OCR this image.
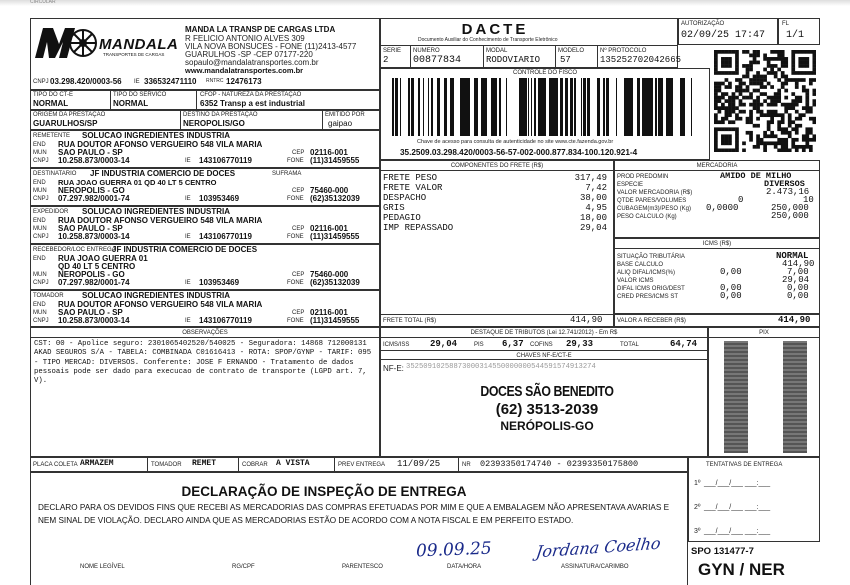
CIRCULAR
MANDALA
TRANSPORTES DE CARGAS
MANDA LA TRANSP DE CARGAS LTDA
R FELICIO ANTONIO ALVES 309
VILA NOVA BONSUCES - FONE (11)2413-4577
GUARULHOS -SP -CEP 07177-220
sopaulo@mandalatransportes.com.br
www.mandalatransportes.com.br
CNPJ 03.298.420/0003-56 IE 336532471110 RNTRC 12476173
DACTE
Documento Auxiliar do Conhecimento de Transporte Eletrônico
SERIE
2
NUMERO
00877834
MODAL
RODOVIARIO
MODELO
57
Nº PROTOCOLO
135252702042665
AUTORIZAÇÃO
02/09/25 17:47
FL
1/1
CONTROLE DO FISCO
Chave de acesso para consulta de autenticidade no site www.cte.fazenda.gov.br
35.2509.03.298.420/0003-56-57-002-000.877.834-100.120.921-4
TIPO DO CT-E
NORMAL
TIPO DO SERVICO
NORMAL
CFOP - NATUREZA DA PRESTAÇÃO
6352 Transp a est industrial
ORIGEM DA PRESTAÇÃO
GUARULHOS/SP
DESTINO DA PRESTAÇÃO
NEROPOLIS/GO
EMITIDO POR
gaipao
REMETENTE SOLUCAO INGREDIENTES INDUSTRIA
END RUA DOUTOR AFONSO VERGUEIRO 548 VILA MARIA
MUN SAO PAULO - SP	CEP 02116-001
CNPJ 10.258.873/0003-14	IE 143106770119	FONE (11)31459555
DESTINATARIO JF INDUSTRIA COMERCIO DE DOCES	SUFRAMA
END RUA JOAO GUERRA 01 QD 40 LT 5 CENTRO
MUN NEROPOLIS - GO	CEP 75460-000
CNPJ 07.297.982/0001-74	IE 103953469	FONE (62)35132039
EXPEDIDOR SOLUCAO INGREDIENTES INDUSTRIA
END RUA DOUTOR AFONSO VERGUEIRO 548 VILA MARIA
MUN SAO PAULO - SP	CEP 02116-001
CNPJ 10.258.873/0003-14	IE 143106770119	FONE (11)31459555
RECEBEDOR/LOC ENTREGA
JF INDUSTRIA COMERCIO DE DOCES
END RUA JOAO GUERRA 01
QD 40 LT 5 CENTRO
MUN NEROPOLIS - GO	CEP 75460-000
CNPJ 07.297.982/0001-74	IE 103953469	FONE (62)35132039
TOMADOR SOLUCAO INGREDIENTES INDUSTRIA
END RUA DOUTOR AFONSO VERGUEIRO 548 VILA MARIA
MUN SAO PAULO - SP	CEP 02116-001
CNPJ 10.258.873/0003-14	IE 143106770119	FONE (11)31459555
COMPONENTES DO FRETE (R$)
FRETE PESO	317,49
FRETE VALOR	7,42
DESPACHO	38,00
GRIS	4,95
PEDAGIO	18,00
IMP REPASSADO	29,04
FRETE TOTAL (R$)	414,90
MERCADORIA
PROD PREDOMIN	AMIDO DE MILHO
ESPECIE	DIVERSOS
VALOR MERCADORIA (R$)	2.473,16
QTDE PARES/VOLUMES	0	10
CUBAGEM(m3)/PESO (Kg) 0,0000	250,000
PESO CALCULO (Kg)	250,000
ICMS (R$)
SITUAÇÃO TRIBUTÁRIA	NORMAL
BASE CALCULO	414,90
ALIQ DIFAL/ICMS(%)	0,00	7,00
VALOR ICMS	29,04
DIFAL ICMS ORIG/DEST	0,00	0,00
CRED PRES/ICMS ST	0,00	0,00
VALOR A RECEBER (R$)	414,90
OBSERVAÇÕES
CST: 00 - Apolice seguro: 2301065402520/540025 - Seguradora: 14868 712000131 AKAD SEGUROS S/A - TABELA: COMBINADA C01616413 - ROTA: SPOP/GYNP - TARIF: 095 - TIPO MERCAD: DIVERSOS. Conferente: JOSE F ERNANDO - Tratamento de dados pessoais pode ser dado para execucao de contrato de transporte (LGPD art. 7, V).
DESTAQUE DE TRIBUTOS (Lei 12.741/2012) - Em R$
ICMS/ISS 29,04	PIS 6,37 COFINS 29,33	TOTAL	64,74
CHAVES NF-E/CT-E
NF-E: 35250910258873000314550000000544591574913274
DOCES SÃO BENEDITO
(62) 3513-2039
NERÓPOLIS-GO
PIX
PLACA COLETA ARMAZEM	TOMADOR REMET	COBRAR A VISTA	PREV ENTREGA 11/09/25	NR 02393350174740 - 02393350175800	TENTATIVAS DE ENTREGA
1º ___/___/___ ___:___
2º ___/___/___ ___:___
3º ___/___/___ ___:___
DECLARAÇÃO DE INSPEÇÃO DE ENTREGA
DECLARO PARA OS DEVIDOS FINS QUE RECEBI AS MERCADORIAS DAS COMPRAS EFETUADAS POR MIM E QUE A EMBALAGEM NÃO APRESENTAVA AVARIAS E NEM SINAL DE VIOLAÇÃO. DECLARO AINDA QUE AS MERCADORIAS ESTÃO DE ACORDO COM A NOTA FISCAL E EM PERFEITO ESTADO.
09.09.25	Jordana Coelho
NOME LEGÍVEL	RG/CPF	PARENTESCO	DATA/HORA	ASSINATURA/CARIMBO
SPO 131477-7
GYN / NER
